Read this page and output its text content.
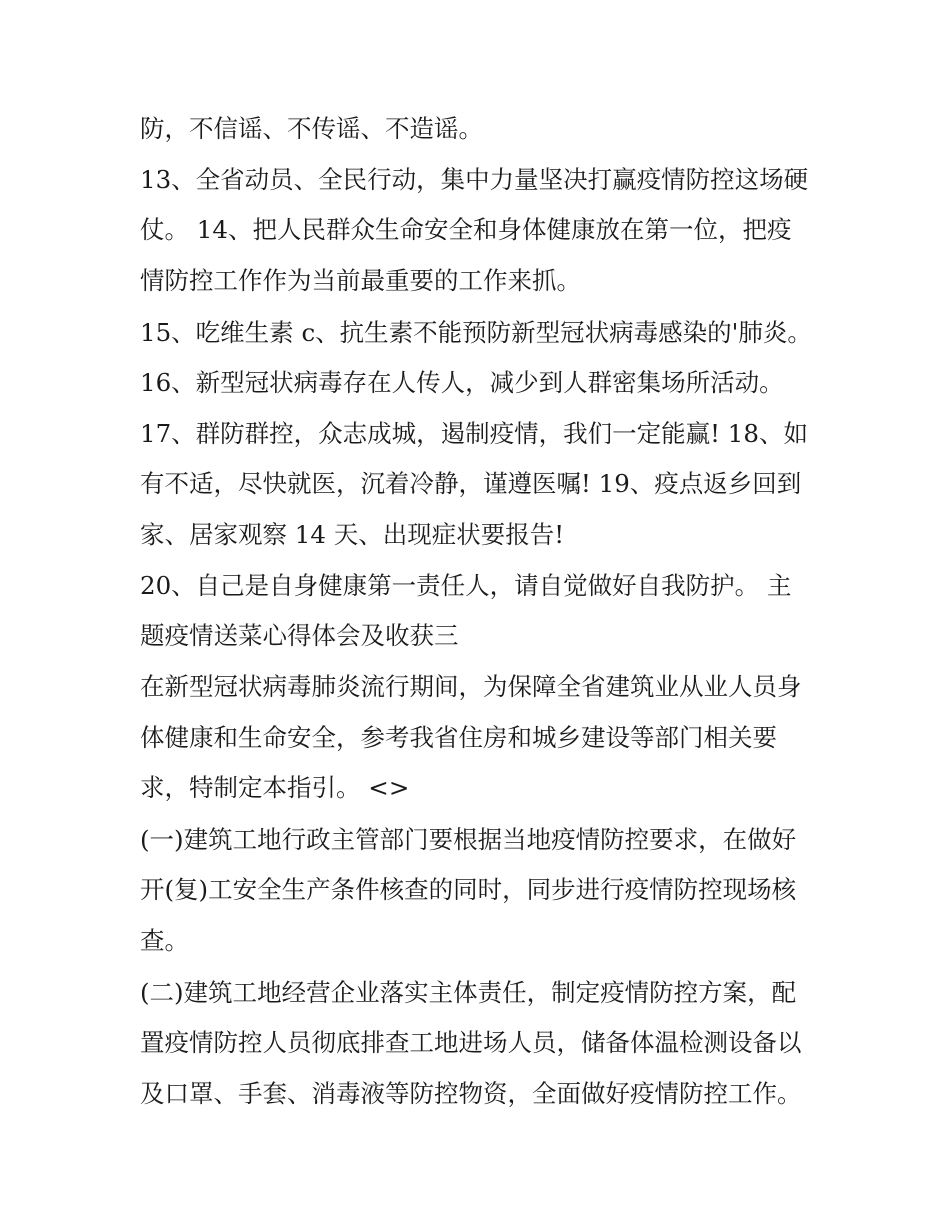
防，不信谣、不传谣、不造谣。
13、全省动员、全民行动，集中力量坚决打赢疫情防控这场硬
仗。 14、把人民群众生命安全和身体健康放在第一位，把疫
情防控工作作为当前最重要的工作来抓。
15、吃维生素 c、抗生素不能预防新型冠状病毒感染的'肺炎。
16、新型冠状病毒存在人传人，减少到人群密集场所活动。
17、群防群控，众志成城，遏制疫情，我们一定能赢! 18、如
有不适，尽快就医，沉着冷静，谨遵医嘱! 19、疫点返乡回到
家、居家观察 14 天、出现症状要报告!
20、自己是自身健康第一责任人，请自觉做好自我防护。 主
题疫情送菜心得体会及收获三
在新型冠状病毒肺炎流行期间，为保障全省建筑业从业人员身
体健康和生命安全，参考我省住房和城乡建设等部门相关要
求，特制定本指引。 <>
(一)建筑工地行政主管部门要根据当地疫情防控要求，在做好
开(复)工安全生产条件核查的同时，同步进行疫情防控现场核
查。
(二)建筑工地经营企业落实主体责任，制定疫情防控方案，配
置疫情防控人员彻底排查工地进场人员，储备体温检测设备以
及口罩、手套、消毒液等防控物资，全面做好疫情防控工作。
